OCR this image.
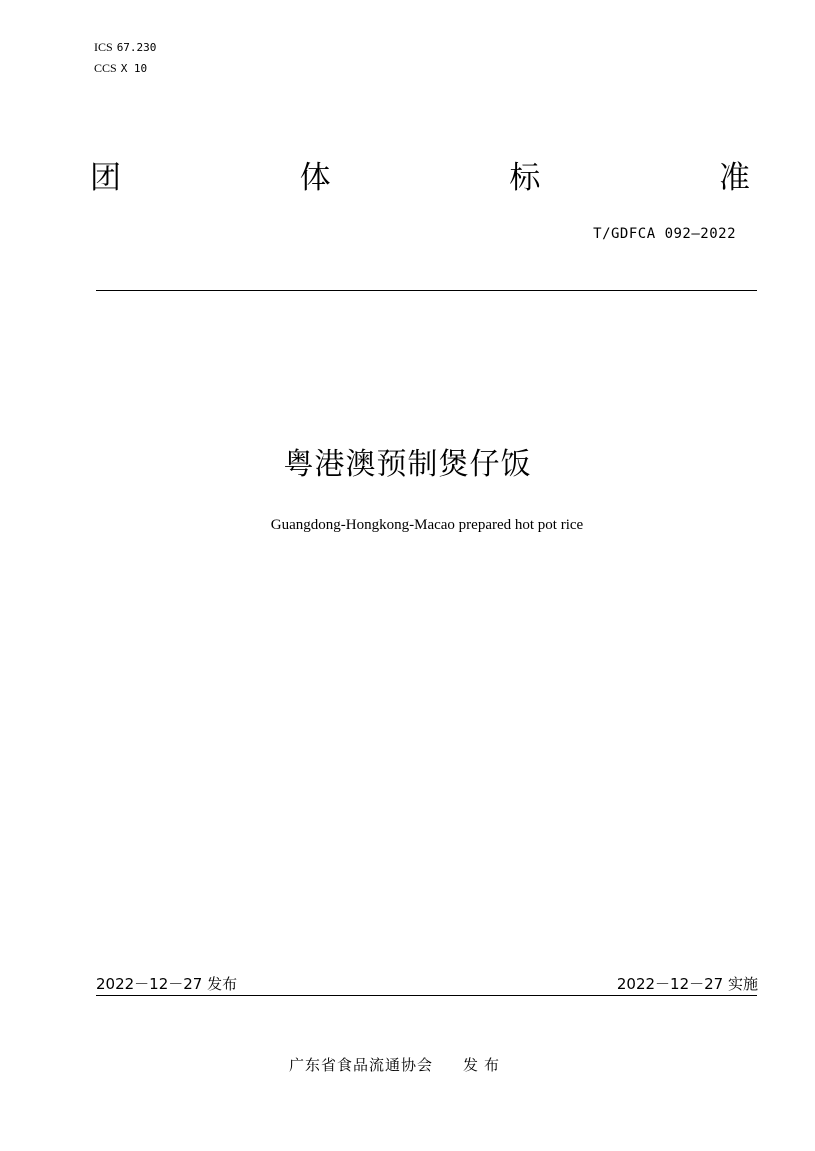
ICS 67.230
CCS X 10
团	体	标	准
T/GDFCA 092—2022
粤港澳预制煲仔饭
Guangdong-Hongkong-Macao prepared hot pot rice
2022－12－27 发布	2022－12－27 实施
广东省食品流通协会 发布
